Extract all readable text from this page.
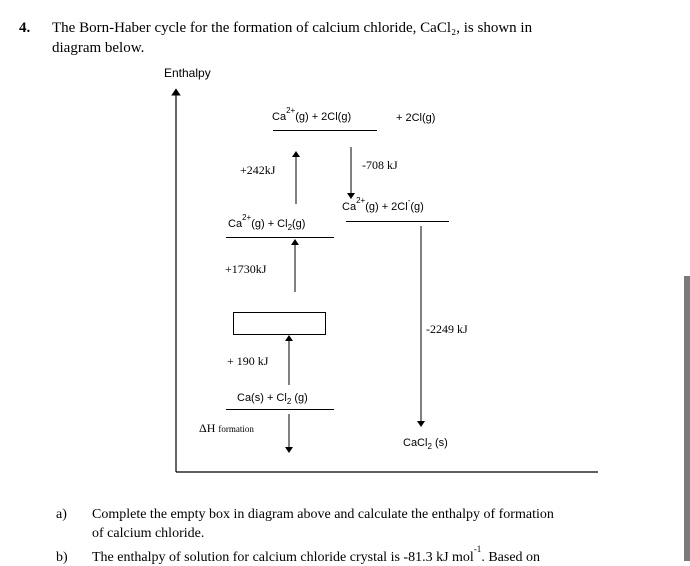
4. The Born-Haber cycle for the formation of calcium chloride, CaCl₂, is shown in
diagram below.
Enthalpy
$Ca^{2+}(g) + 2Cl(g)$	+ 2Cl(g)
$Ca^{2+}(g) + 2Cl^-(g)$
$Ca^{2+}(g) + Cl_2(g)$
$Ca(s) + Cl_2$ (g)
CaCl$_2$ (s)
+242kJ	-708 kJ
+1730kJ
-2249 kJ
+ 190 kJ
ΔH formation
a) Complete the empty box in diagram above and calculate the enthalpy of formation
of calcium chloride.
b) The enthalpy of solution for calcium chloride crystal is -81.3 kJ mol$^{-1}$. Based on
